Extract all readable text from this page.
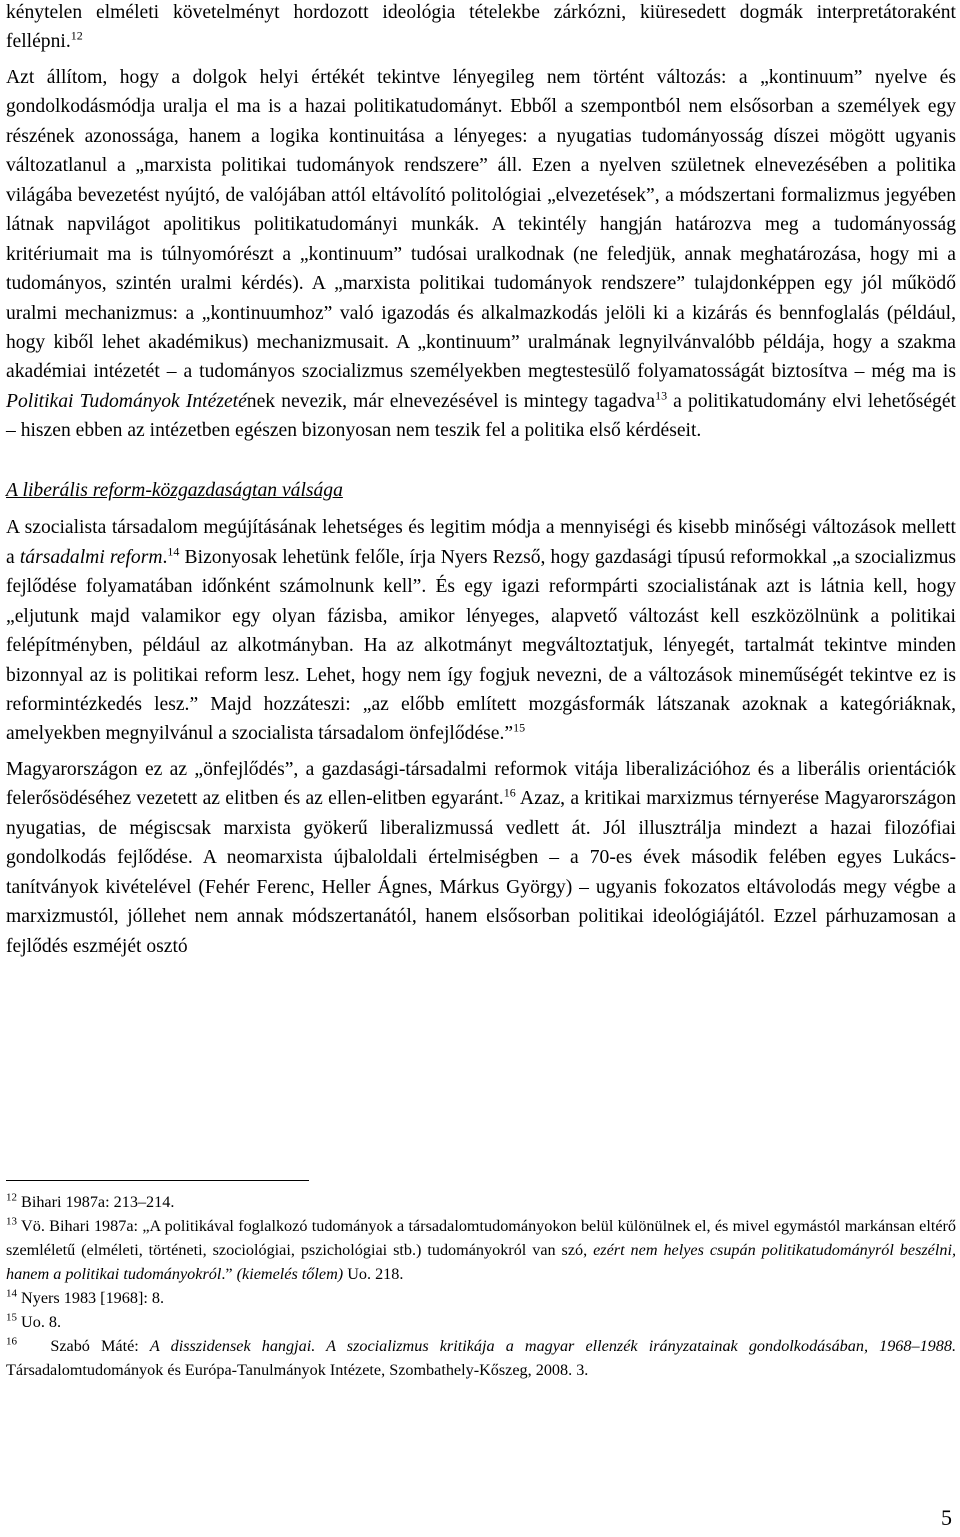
kénytelen elméleti követelményt hordozott ideológia tételekbe zárkózni, kiüresedett dogmák interpretátoraként fellépni.$^{12}$

Azt állítom, hogy a dolgok helyi értékét tekintve lényegileg nem történt változás: a „kontinuum” nyelve és gondolkodásmódja uralja el ma is a hazai politikatudományt. Ebből a szempontból nem elsősorban a személyek egy részének azonossága, hanem a logika kontinuitása a lényeges: a nyugatias tudományosság díszei mögött ugyanis változatlanul a „marxista politikai tudományok rendszere” áll. Ezen a nyelven születnek elnevezésében a politika világába bevezetést nyújtó, de valójában attól eltávolító politológiai „elvezetések”, a módszertani formalizmus jegyében látnak napvilágot apolitikus politikatudományi munkák. A tekintély hangján határozva meg a tudományosság kritériumait ma is túlnyomórészt a „kontinuum” tudósai uralkodnak (ne feledjük, annak meghatározása, hogy mi a tudományos, szintén uralmi kérdés). A „marxista politikai tudományok rendszere” tulajdonképpen egy jól működő uralmi mechanizmus: a „kontinuumhoz” való igazodás és alkalmazkodás jelöli ki a kizárás és bennfoglalás (például, hogy kiből lehet akadémikus) mechanizmusait. A „kontinuum” uralmának legnyilvánvalóbb példája, hogy a szakma akadémiai intézetét – a tudományos szocializmus személyekben megtestesülő folyamatosságát biztosítva – még ma is Politikai Tudományok Intézetének nevezik, már elnevezésével is mintegy tagadva$^{13}$ a politikatudomány elvi lehetőségét – hiszen ebben az intézetben egészen bizonyosan nem teszik fel a politika első kérdéseit.

A liberális reform-közgazdaságtan válsága

A szocialista társadalom megújításának lehetséges és legitim módja a mennyiségi és kisebb minőségi változások mellett a társadalmi reform.$^{14}$ Bizonyosak lehetünk felőle, írja Nyers Rezső, hogy gazdasági típusú reformokkal „a szocializmus fejlődése folyamatában időnként számolnunk kell”. És egy igazi reformpárti szocialistának azt is látnia kell, hogy „eljutunk majd valamikor egy olyan fázisba, amikor lényeges, alapvető változást kell eszközölnünk a politikai felépítményben, például az alkotmányban. Ha az alkotmányt megváltoztatjuk, lényegét, tartalmát tekintve minden bizonnyal az is politikai reform lesz. Lehet, hogy nem így fogjuk nevezni, de a változások mineműségét tekintve ez is reformintézkedés lesz.” Majd hozzáteszi: „az előbb említett mozgásformák látszanak azoknak a kategóriáknak, amelyekben megnyilvánul a szocialista társadalom önfejlődése.”$^{15}$

Magyarországon ez az „önfejlődés”, a gazdasági-társadalmi reformok vitája liberalizációhoz és a liberális orientációk felerősödéséhez vezetett az elitben és az ellen-elitben egyaránt.$^{16}$ Azaz, a kritikai marxizmus térnyerése Magyarországon nyugatias, de mégiscsak marxista gyökerű liberalizmussá vedlett át. Jól illusztrálja mindezt a hazai filozófiai gondolkodás fejlődése. A neomarxista újbaloldali értelmiségben – a 70-es évek második felében egyes Lukács-tanítványok kivételével (Fehér Ferenc, Heller Ágnes, Márkus György) – ugyanis fokozatos eltávolodás megy végbe a marxizmustól, jóllehet nem annak módszertanától, hanem elsősorban politikai ideológiájától. Ezzel párhuzamosan a fejlődés eszméjét osztó

$^{12}$ Bihari 1987a: 213–214.

$^{13}$ Vö. Bihari 1987a: „A politikával foglalkozó tudományok a társadalomtudományokon belül különülnek el, és mivel egymástól markánsan eltérő szemléletű (elméleti, történeti, szociológiai, pszichológiai stb.) tudományokról van szó, ezért nem helyes csupán politikatudományról beszélni, hanem a politikai tudományokról.” (kiemelés tőlem) Uo. 218.

$^{14}$ Nyers 1983 [1968]: 8.

$^{15}$ Uo. 8.

$^{16}$   Szabó Máté: A disszidensek hangjai. A szocializmus kritikája a magyar ellenzék irányzatainak gondolkodásában, 1968–1988. Társadalomtudományok és Európa-Tanulmányok Intézete, Szombathely-Kőszeg, 2008. 3.

5
